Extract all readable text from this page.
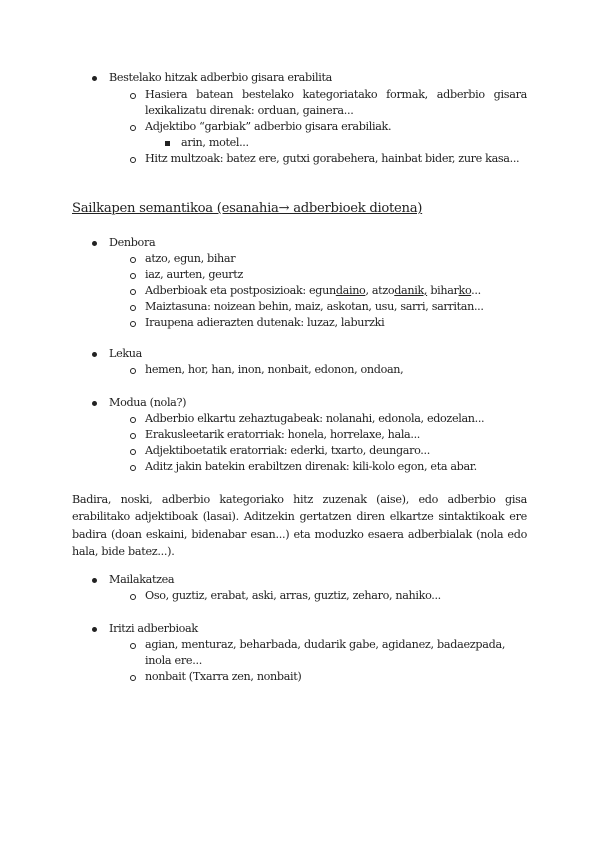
Bestelako hitzak adberbio gisara erabilita
Hasiera batean bestelako kategoriatako formak, adberbio gisara lexikalizatu direnak: orduan, gainera...
Adjektibo “garbiak” adberbio gisara erabiliak.
arin, motel...
Hitz multzoak: batez ere, gutxi gorabehera, hainbat bider, zure kasa...
Sailkapen semantikoa (esanahia→ adberbioek diotena)
Denbora
atzo, egun, bihar
iaz, aurten, geurtz
Adberbioak eta postposizioak: egundaino, atzodanik, biharko...
Maiztasuna: noizean behin, maiz, askotan, usu, sarri, sarritan...
Iraupena adierazten dutenak: luzaz, laburzki
Lekua
hemen, hor, han, inon, nonbait, edonon, ondoan,
Modua (nola?)
Adberbio elkartu zehaztugabeak: nolanahi, edonola, edozelan...
Erakusleetarik eratorriak: honela, horrelaxe, hala...
Adjektiboetatik eratorriak: ederki, txarto, deungaro...
Aditz jakin batekin erabiltzen direnak: kili-kolo egon, eta abar.
Badira, noski, adberbio kategoriako hitz zuzenak (aise), edo adberbio gisa erabilitako adjektiboak (lasai). Aditzekin gertatzen diren elkartze sintaktikoak ere badira (doan eskaini, bidenabar esan...) eta moduzko esaera adberbialak (nola edo hala, bide batez...).
Mailakatzea
Oso, guztiz, erabat, aski, arras, guztiz, zeharo, nahiko...
Iritzi adberbioak
agian, menturaz, beharbada, dudarik gabe, agidanez, badaezpada, inola ere...
nonbait (Txarra zen, nonbait)
